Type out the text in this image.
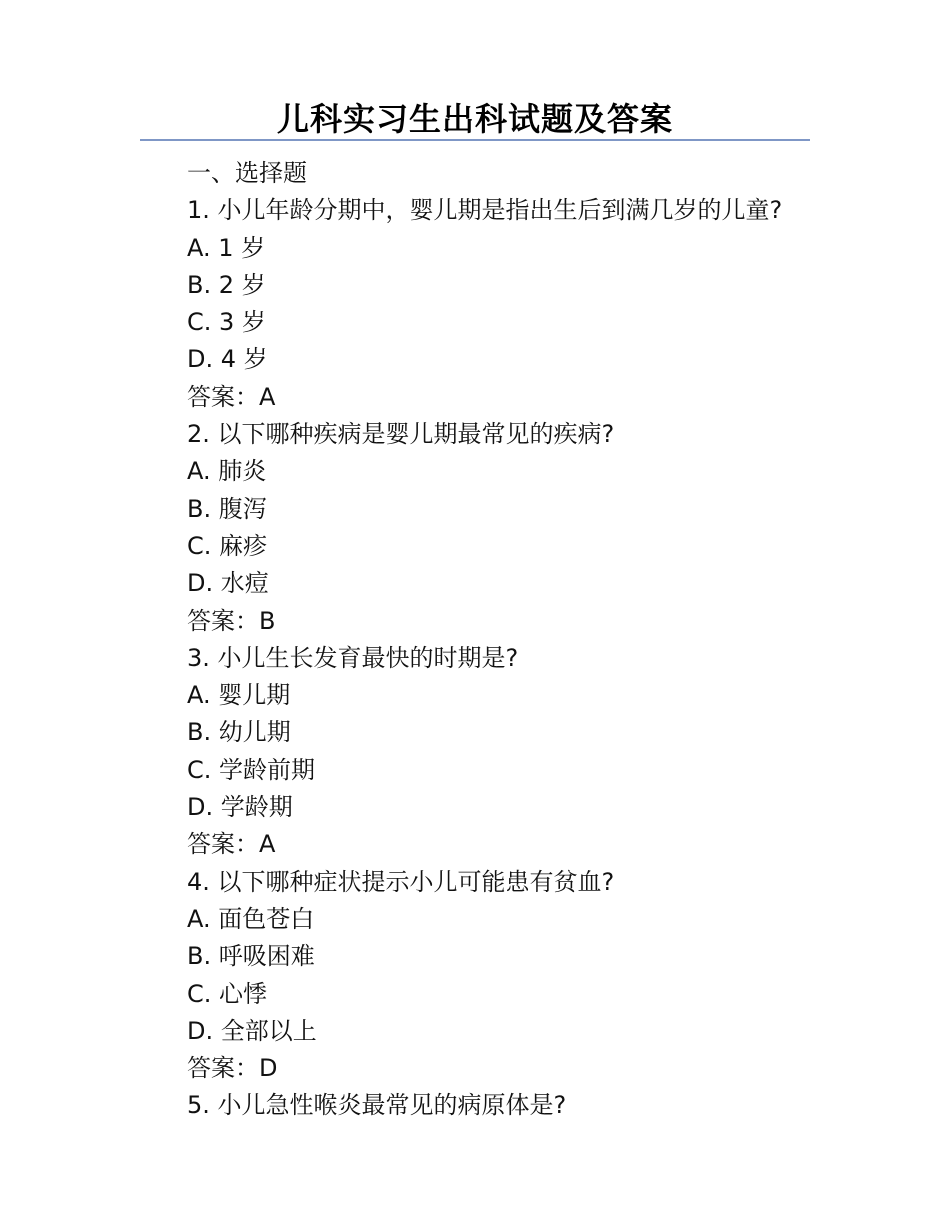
儿科实习生出科试题及答案
一、选择题
1. 小儿年龄分期中，婴儿期是指出生后到满几岁的儿童?
A. 1 岁
B. 2 岁
C. 3 岁
D. 4 岁
答案：A
2. 以下哪种疾病是婴儿期最常见的疾病?
A. 肺炎
B. 腹泻
C. 麻疹
D. 水痘
答案：B
3. 小儿生长发育最快的时期是?
A. 婴儿期
B. 幼儿期
C. 学龄前期
D. 学龄期
答案：A
4. 以下哪种症状提示小儿可能患有贫血?
A. 面色苍白
B. 呼吸困难
C. 心悸
D. 全部以上
答案：D
5. 小儿急性喉炎最常见的病原体是?
